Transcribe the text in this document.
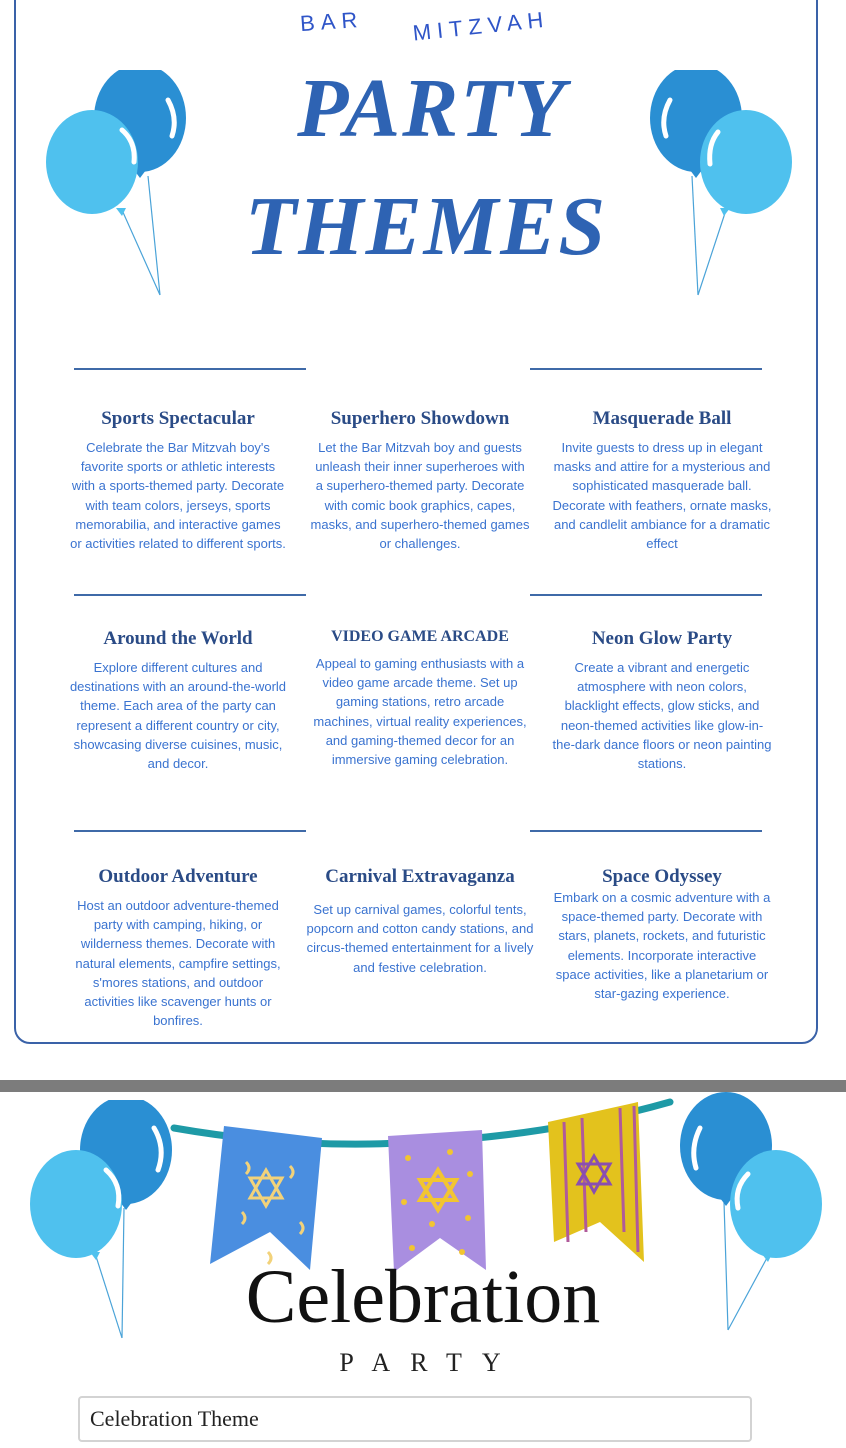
BAR MITZVAH
PARTY
THEMES
Sports Spectacular

Celebrate the Bar Mitzvah boy's favorite sports or athletic interests with a sports-themed party. Decorate with team colors, jerseys, sports memorabilia, and interactive games or activities related to different sports.

Superhero Showdown

Let the Bar Mitzvah boy and guests unleash their inner superheroes with a superhero-themed party. Decorate with comic book graphics, capes, masks, and superhero-themed games or challenges.

Masquerade Ball

Invite guests to dress up in elegant masks and attire for a mysterious and sophisticated masquerade ball. Decorate with feathers, ornate masks, and candlelit ambiance for a dramatic effect

Around the World

Explore different cultures and destinations with an around-the-world theme. Each area of the party can represent a different country or city, showcasing diverse cuisines, music, and decor.

VIDEO GAME ARCADE

Appeal to gaming enthusiasts with a video game arcade theme. Set up gaming stations, retro arcade machines, virtual reality experiences, and gaming-themed decor for an immersive gaming celebration.

Neon Glow Party

Create a vibrant and energetic atmosphere with neon colors, blacklight effects, glow sticks, and neon-themed activities like glow-in-the-dark dance floors or neon painting stations.

Outdoor Adventure

Host an outdoor adventure-themed party with camping, hiking, or wilderness themes. Decorate with natural elements, campfire settings, s'mores stations, and outdoor activities like scavenger hunts or bonfires.

Carnival Extravaganza

Set up carnival games, colorful tents, popcorn and cotton candy stations, and circus-themed entertainment for a lively and festive celebration.

Space Odyssey

Embark on a cosmic adventure with a space-themed party. Decorate with stars, planets, rockets, and futuristic elements. Incorporate interactive space activities, like a planetarium or star-gazing experience.

Celebration
PARTY
Celebration Theme
